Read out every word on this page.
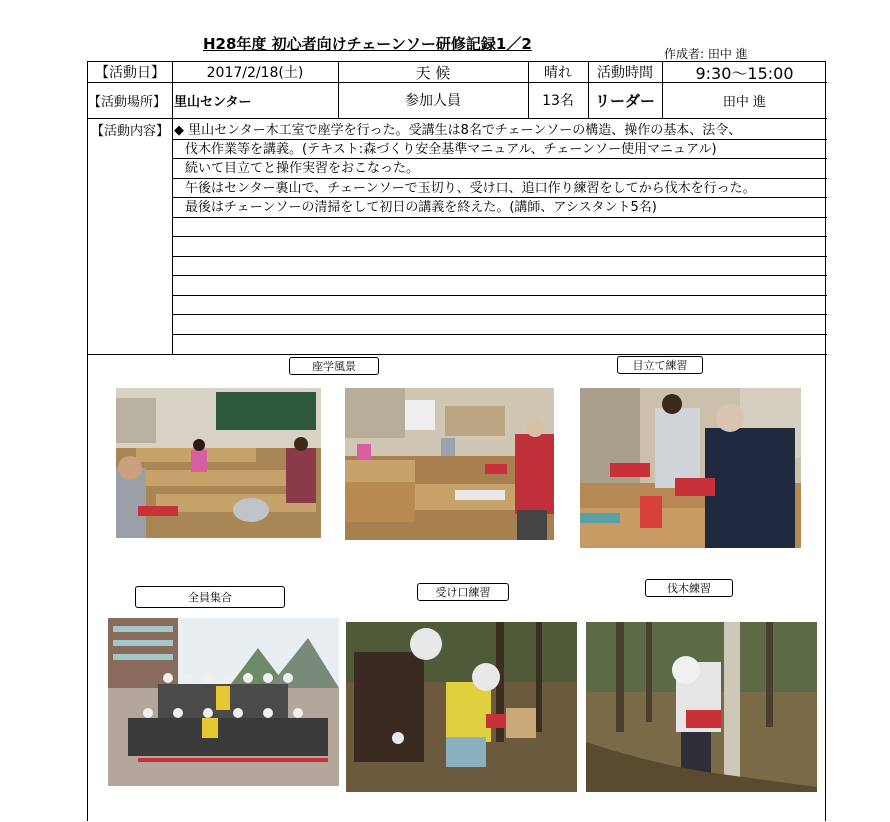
H28年度 初心者向けチェーンソー研修記録1／2
作成者: 田中 進
【活動日】	2017/2/18(土)	天 候	晴れ	活動時間	9:30〜15:00
【活動場所】 里山センター	参加人員	13名	リーダー	田中 進
【活動内容】 ◆ 里山センター木工室で座学を行った。受講生は8名でチェーンソーの構造、操作の基本、法令、
伐木作業等を講義。(テキスト:森づくり安全基準マニュアル、チェーンソー使用マニュアル)
続いて目立てと操作実習をおこなった。
午後はセンター裏山で、チェーンソーで玉切り、受け口、追口作り練習をしてから伐木を行った。
最後はチェーンソーの清掃をして初日の講義を終えた。(講師、アシスタント5名)
座学風景	目立て練習
全員集合	受け口練習	伐木練習
